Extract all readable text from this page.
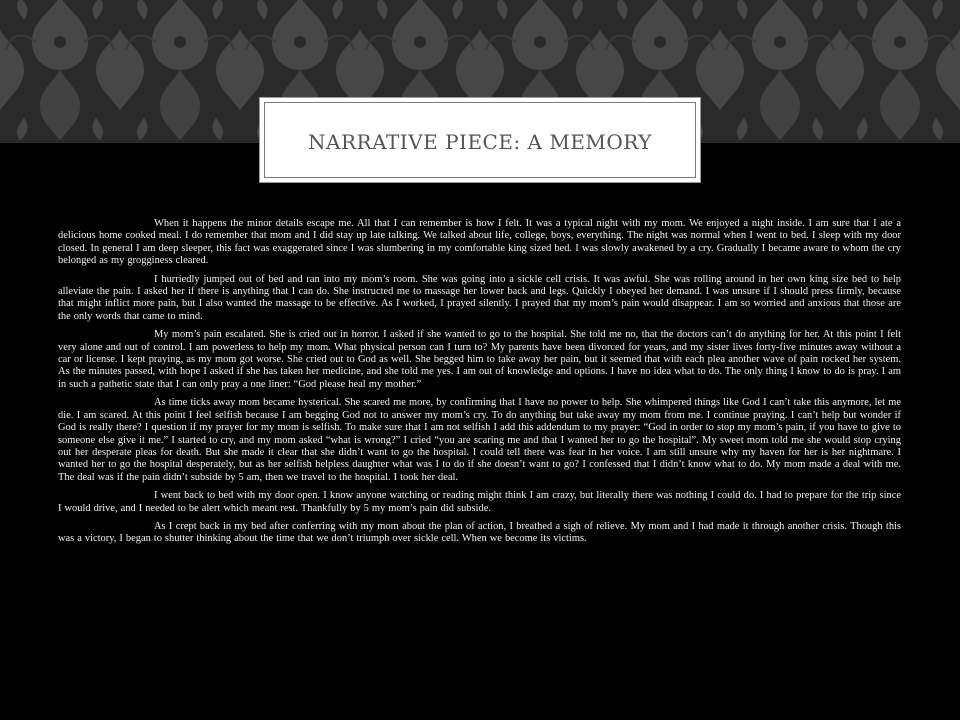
NARRATIVE PIECE: A MEMORY

When it happens the minor details escape me. All that I can remember is how I felt. It was a typical night with my mom. We enjoyed a night inside. I am sure that I ate a delicious home cooked meal. I do remember that mom and I did stay up late talking. We talked about life, college, boys, everything. The night was normal when I went to bed. I sleep with my door closed. In general I am deep sleeper, this fact was exaggerated since I was slumbering in my comfortable king sized bed. I was slowly awakened by a cry. Gradually I became aware to whom the cry belonged as my grogginess cleared.

I hurriedly jumped out of bed and ran into my mom’s room. She was going into a sickle cell crisis. It was awful. She was rolling around in her own king size bed to help alleviate the pain. I asked her if there is anything that I can do. She instructed me to massage her lower back and legs. Quickly I obeyed her demand. I was unsure if I should press firmly, because that might inflict more pain, but I also wanted the massage to be effective. As I worked, I prayed silently. I prayed that my mom’s pain would disappear. I am so worried and anxious that those are the only words that came to mind.

My mom’s pain escalated. She is cried out in horror. I asked if she wanted to go to the hospital. She told me no, that the doctors can’t do anything for her. At this point I felt very alone and out of control. I am powerless to help my mom. What physical person can I turn to? My parents have been divorced for years, and my sister lives forty-five minutes away without a car or license. I kept praying, as my mom got worse. She cried out to God as well. She begged him to take away her pain, but it seemed that with each plea another wave of pain rocked her system. As the minutes passed, with hope I asked if she has taken her medicine, and she told me yes. I am out of knowledge and options. I have no idea what to do. The only thing I know to do is pray. I am in such a pathetic state that I can only pray a one liner: “God please heal my mother.”

As time ticks away mom became hysterical. She scared me more, by confirming that I have no power to help. She whimpered things like God I can’t take this anymore, let me die. I am scared. At this point I feel selfish because I am begging God not to answer my mom’s cry. To do anything but take away my mom from me. I continue praying. I can’t help but wonder if God is really there? I question if my prayer for my mom is selfish. To make sure that I am not selfish I add this addendum to my prayer: “God in order to stop my mom’s pain, if you have to give to someone else give it me.” I started to cry, and my mom asked “what is wrong?” I cried “you are scaring me and that I wanted her to go the hospital”. My sweet mom told me she would stop crying out her desperate pleas for death. But she made it clear that she didn’t want to go the hospital. I could tell there was fear in her voice. I am still unsure why my haven for her is her nightmare. I wanted her to go the hospital desperately, but as her selfish helpless daughter what was I to do if she doesn’t want to go? I confessed that I didn’t know what to do. My mom made a deal with me. The deal was if the pain didn’t subside by 5 am, then we travel to the hospital. I took her deal.

I went back to bed with my door open. I know anyone watching or reading might think I am crazy, but literally there was nothing I could do. I had to prepare for the trip since I would drive, and I needed to be alert which meant rest. Thankfully by 5 my mom’s pain did subside.

As I crept back in my bed after conferring with my mom about the plan of action, I breathed a sigh of relieve. My mom and I had made it through another crisis. Though this was a victory, I began to shutter thinking about the time that we don’t triumph over sickle cell. When we become its victims.
